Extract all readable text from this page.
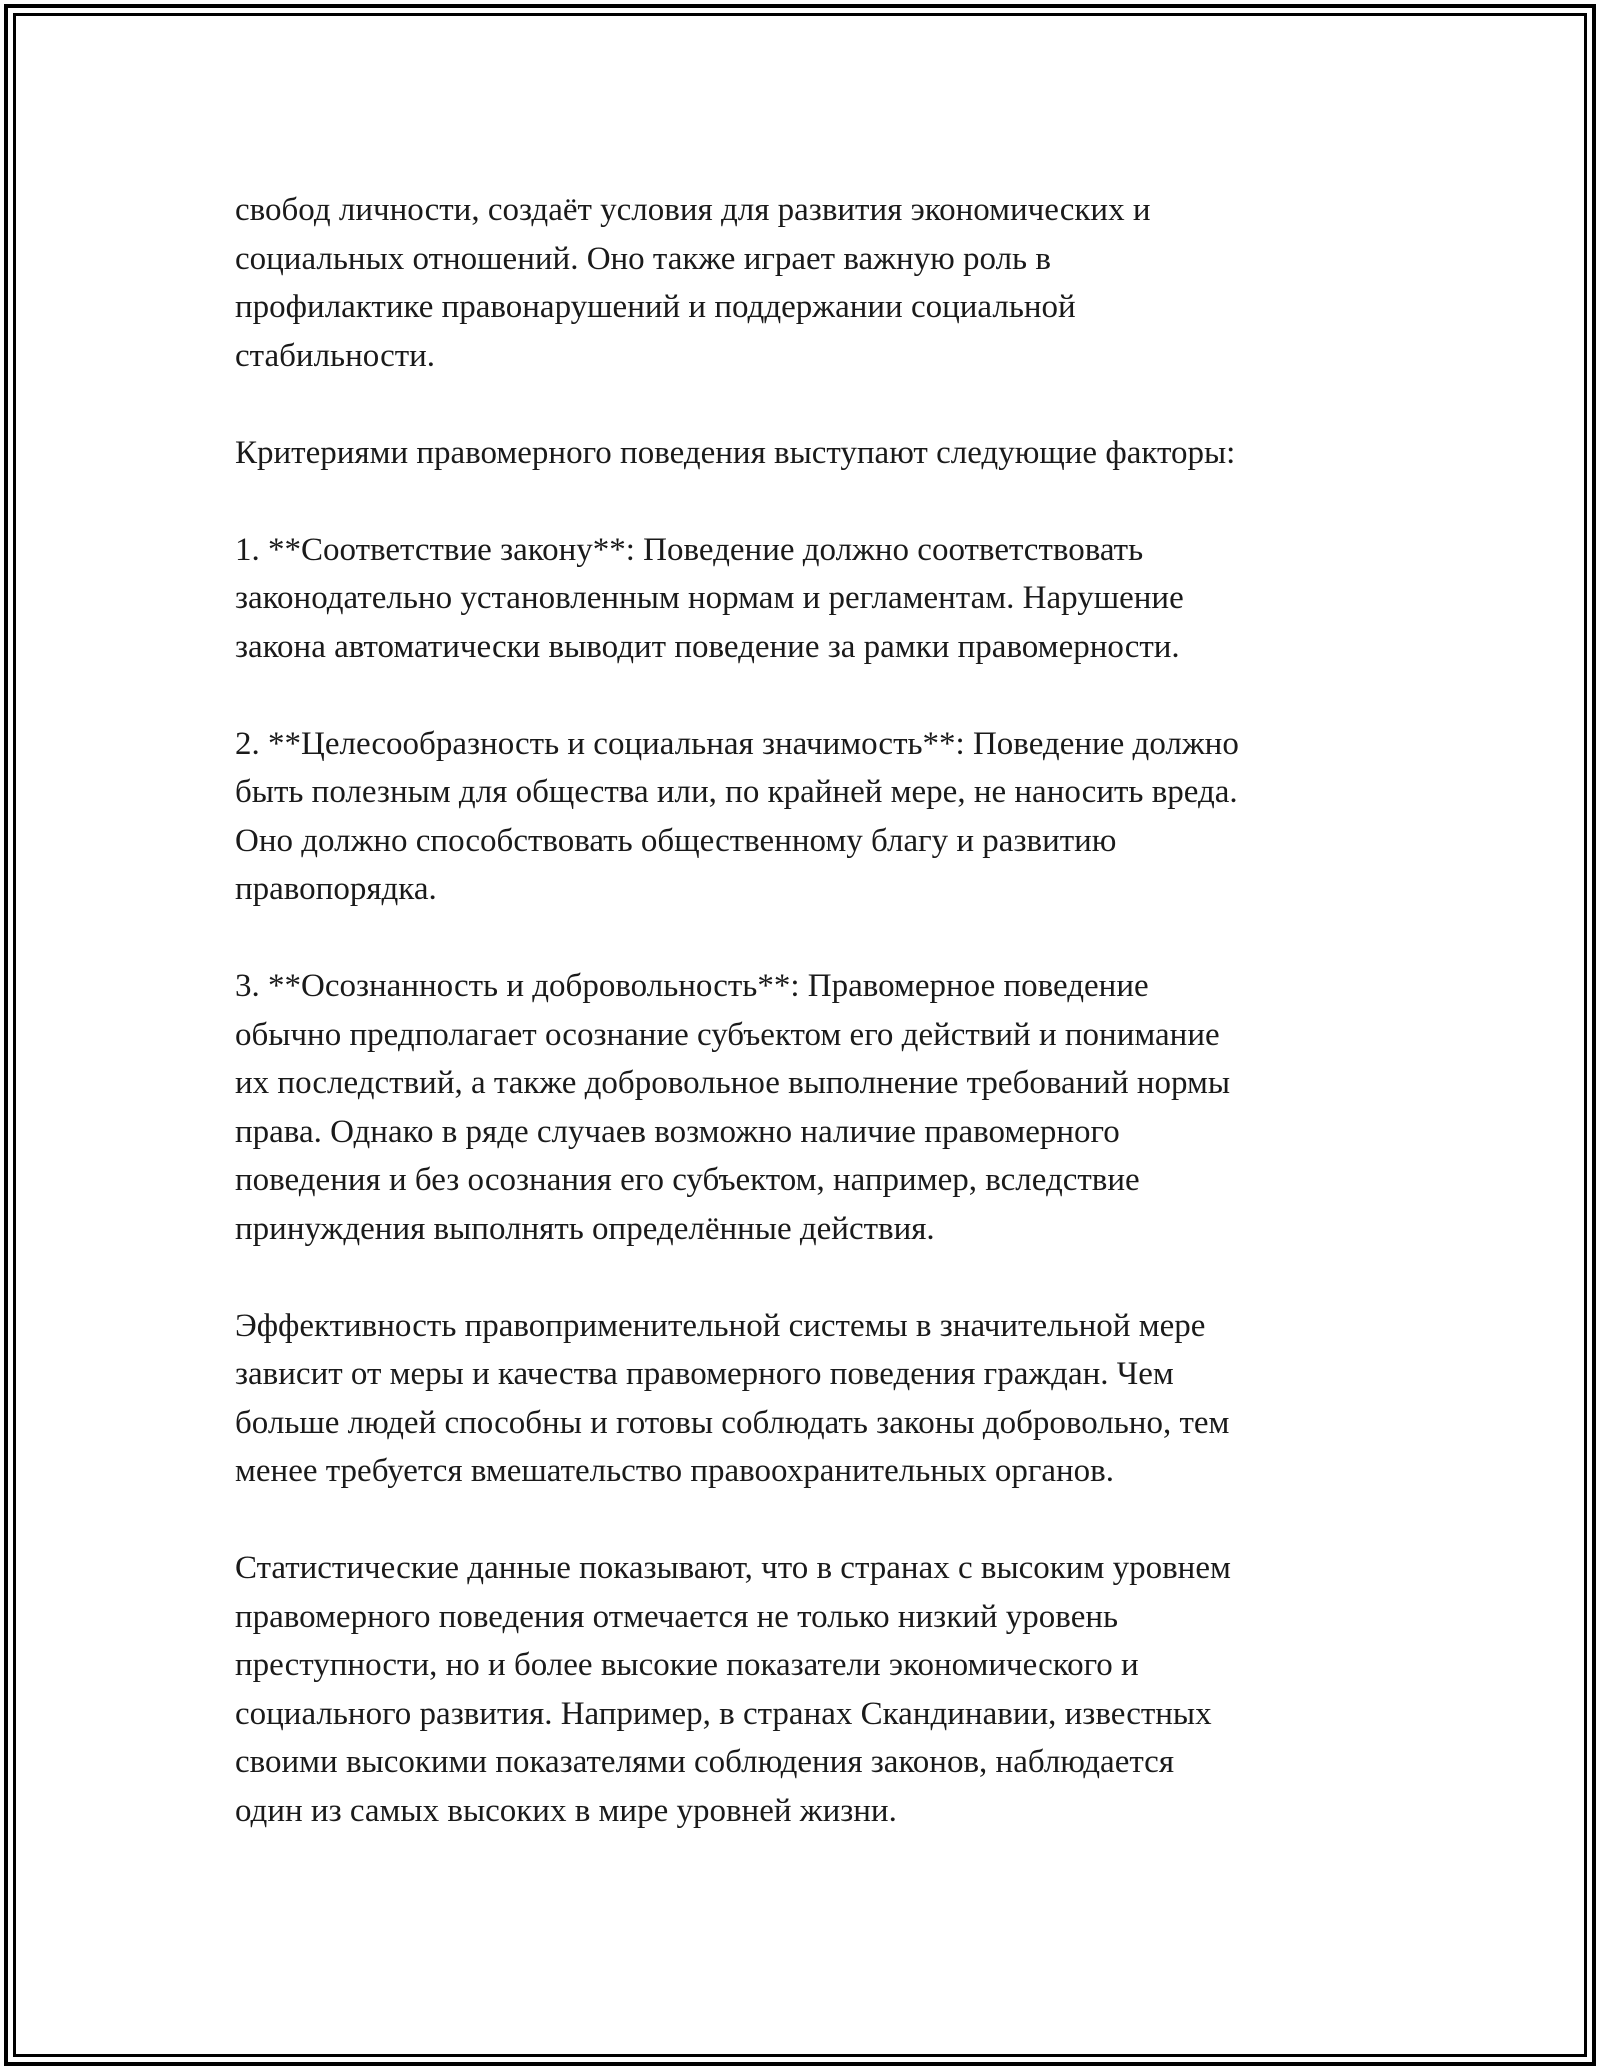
свобод личности, создаёт условия для развития экономических и
социальных отношений. Оно также играет важную роль в
профилактике правонарушений и поддержании социальной
стабильности.

Критериями правомерного поведения выступают следующие факторы:

1. **Соответствие закону**: Поведение должно соответствовать
законодательно установленным нормам и регламентам. Нарушение
закона автоматически выводит поведение за рамки правомерности.

2. **Целесообразность и социальная значимость**: Поведение должно
быть полезным для общества или, по крайней мере, не наносить вреда.
Оно должно способствовать общественному благу и развитию
правопорядка.

3. **Осознанность и добровольность**: Правомерное поведение
обычно предполагает осознание субъектом его действий и понимание
их последствий, а также добровольное выполнение требований нормы
права. Однако в ряде случаев возможно наличие правомерного
поведения и без осознания его субъектом, например, вследствие
принуждения выполнять определённые действия.

Эффективность правоприменительной системы в значительной мере
зависит от меры и качества правомерного поведения граждан. Чем
больше людей способны и готовы соблюдать законы добровольно, тем
менее требуется вмешательство правоохранительных органов.

Статистические данные показывают, что в странах с высоким уровнем
правомерного поведения отмечается не только низкий уровень
преступности, но и более высокие показатели экономического и
социального развития. Например, в странах Скандинавии, известных
своими высокими показателями соблюдения законов, наблюдается
один из самых высоких в мире уровней жизни.
